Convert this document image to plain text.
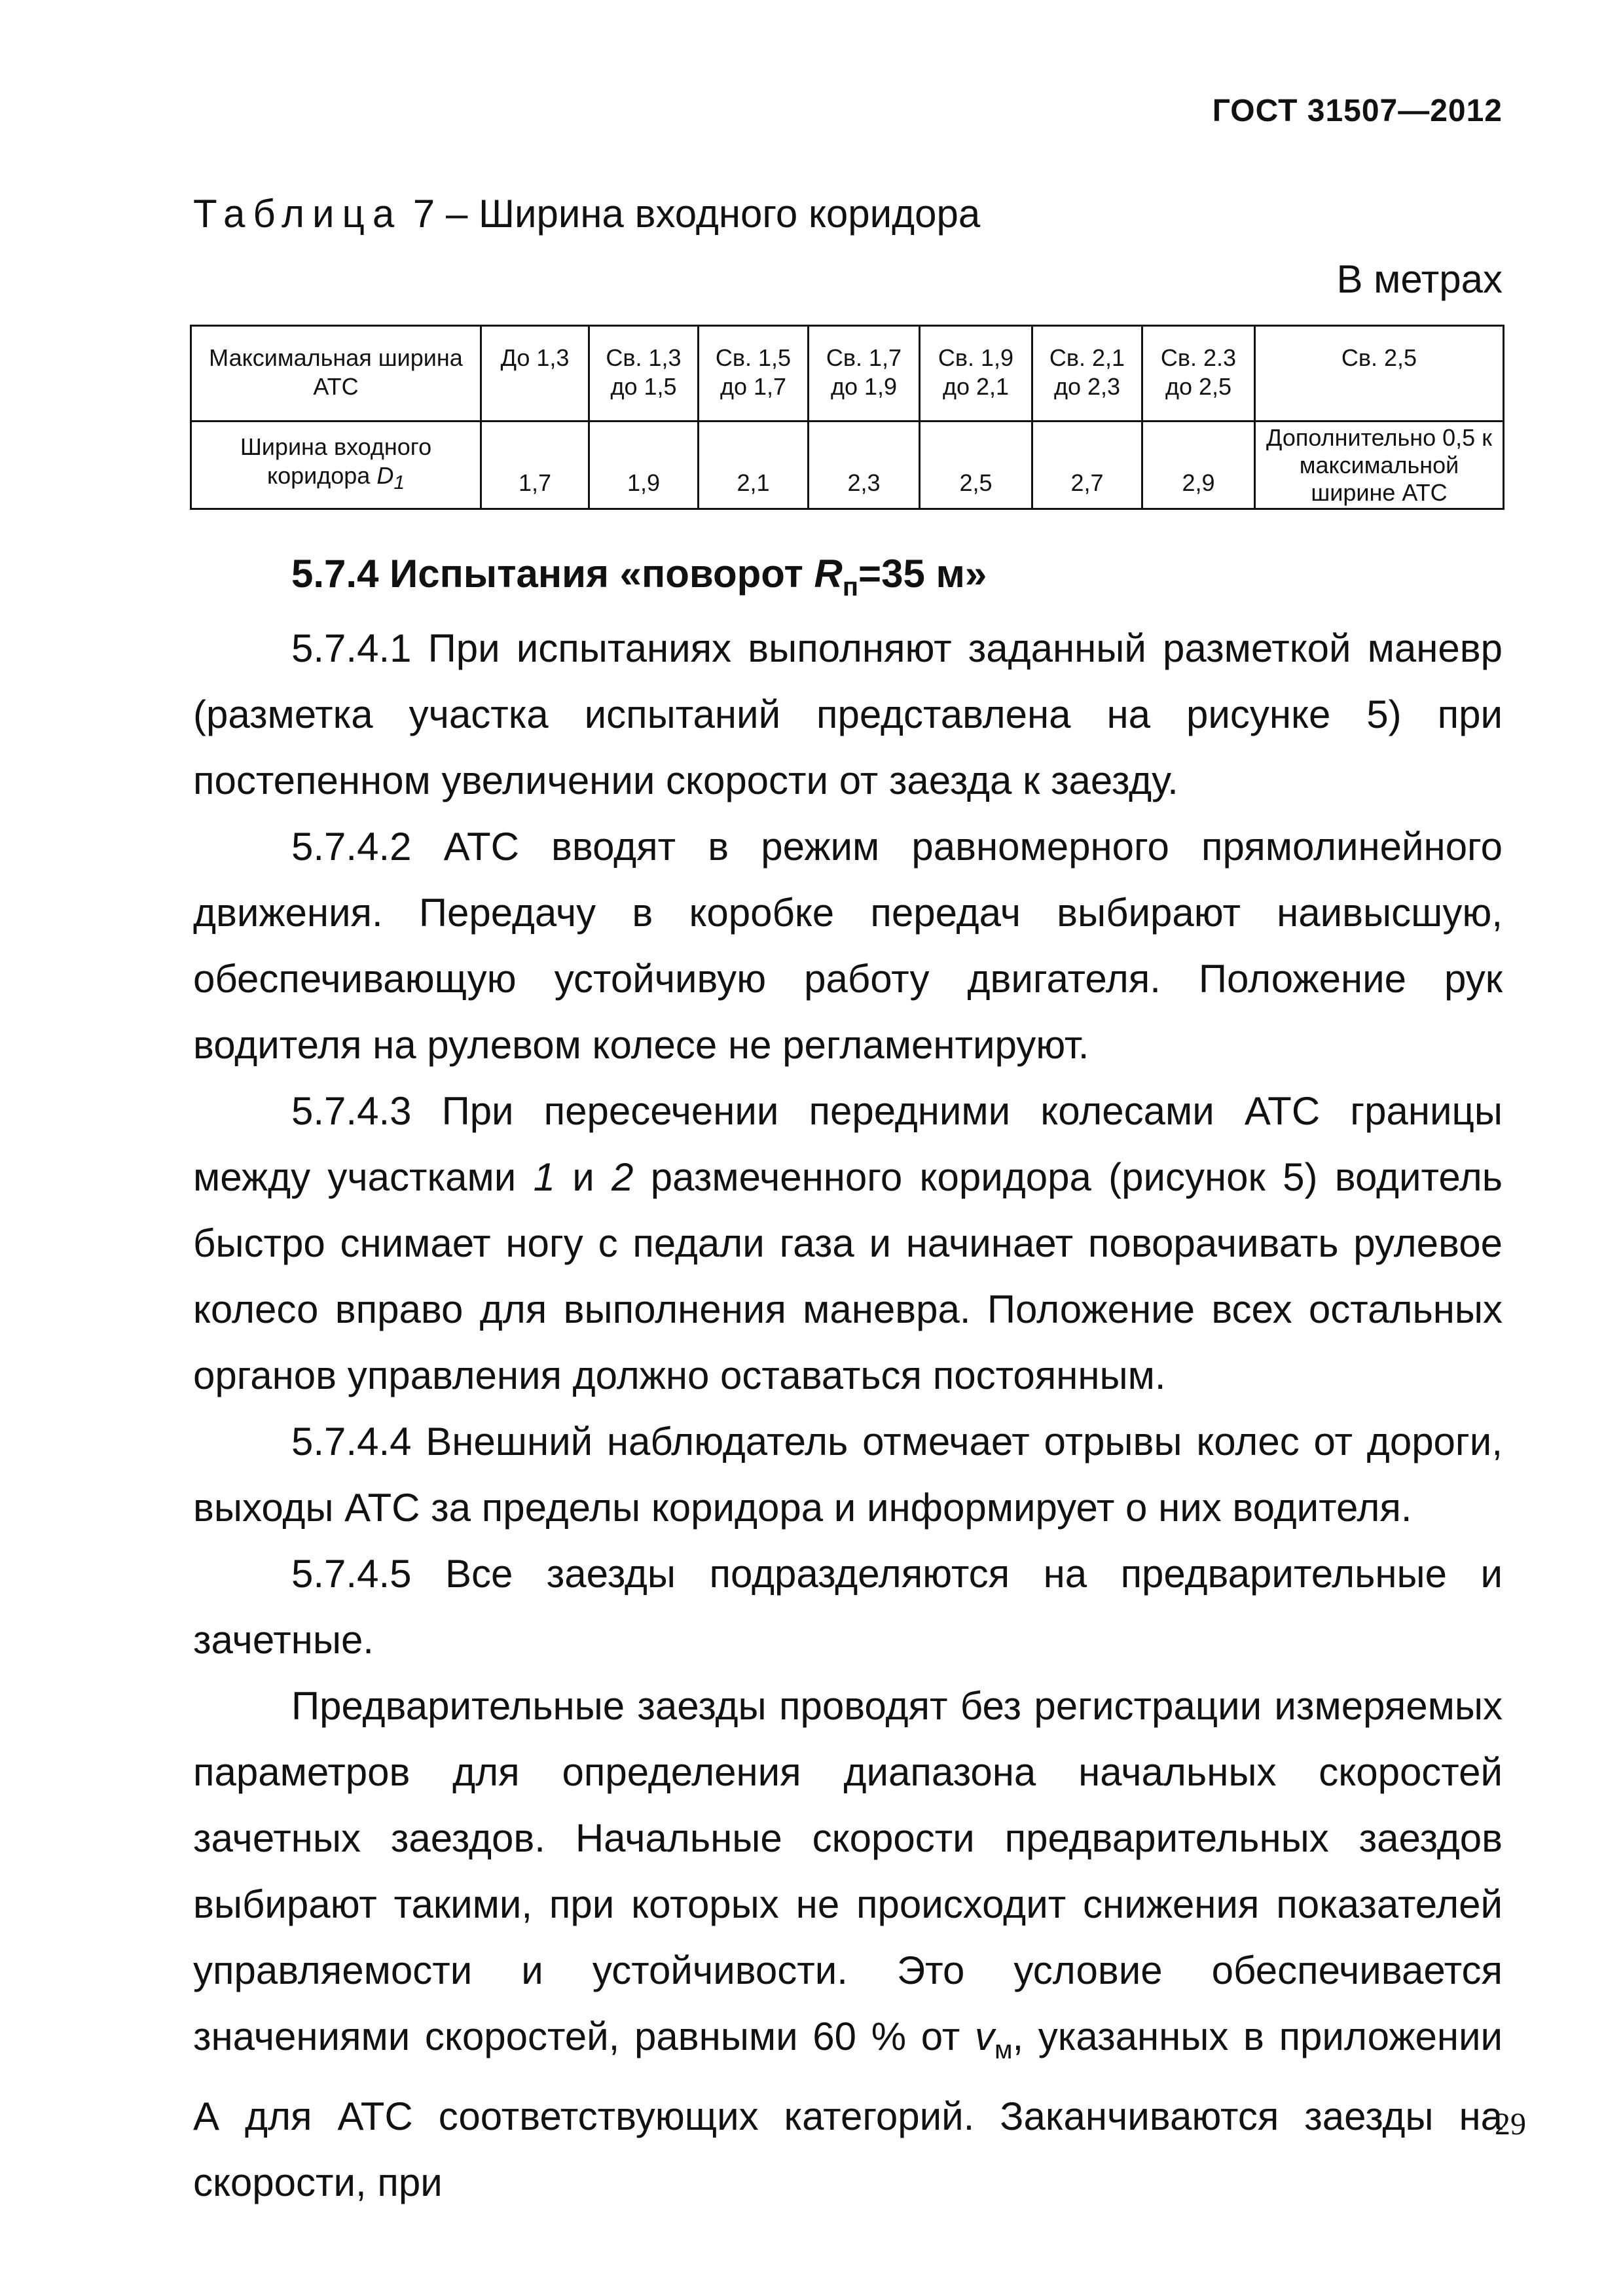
ГОСТ 31507—2012
Таблица 7 – Ширина входного коридора
В метрах
Максимальная ширина АТС	До 1,3	Св. 1,3 до 1,5	Св. 1,5 до 1,7	Св. 1,7 до 1,9	Св. 1,9 до 2,1	Св. 2,1 до 2,3	Св. 2.3 до 2,5	Св. 2,5
Ширина входного коридора $D_1$	1,7	1,9	2,1	2,3	2,5	2,7	2,9	Дополнительно 0,5 к максимальной ширине АТС
5.7.4 Испытания «поворот $R_п=35$ м»

5.7.4.1 При испытаниях выполняют заданный разметкой маневр (разметка участка испытаний представлена на рисунке 5) при постепенном увеличении скорости от заезда к заезду.

5.7.4.2 АТС вводят в режим равномерного прямолинейного движения. Передачу в коробке передач выбирают наивысшую, обеспечивающую устойчивую работу двигателя. Положение рук водителя на рулевом колесе не регламентируют.

5.7.4.3 При пересечении передними колесами АТС границы между участками 1 и 2 размеченного коридора (рисунок 5) водитель быстро снимает ногу с педали газа и начинает поворачивать рулевое колесо вправо для выполнения маневра. Положение всех остальных органов управления должно оставаться постоянным.

5.7.4.4 Внешний наблюдатель отмечает отрывы колес от дороги, выходы АТС за пределы коридора и информирует о них водителя.

5.7.4.5 Все заезды подразделяются на предварительные и зачетные.

Предварительные заезды проводят без регистрации измеряемых параметров для определения диапазона начальных скоростей зачетных заездов. Начальные скорости предварительных заездов выбирают такими, при которых не происходит снижения показателей управляемости и устойчивости. Это условие обеспечивается значениями скоростей, равными 60 % от $v_м$, указанных в приложении А для АТС соответствующих категорий. Заканчиваются заезды на скорости, при

29
